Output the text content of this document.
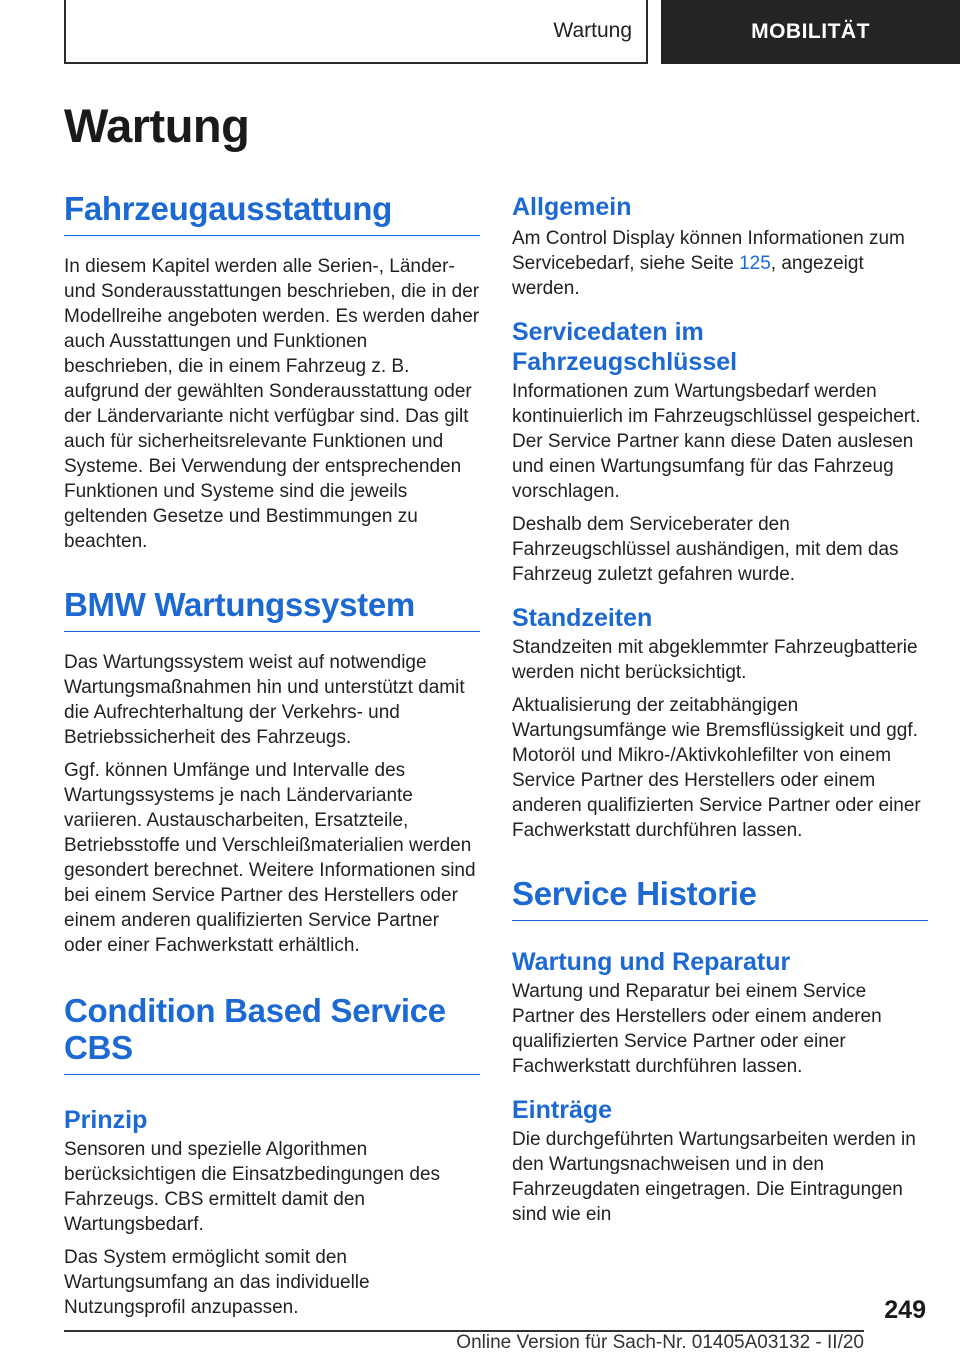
Wartung	MOBILITÄT
Wartung
Fahrzeugausstattung

In diesem Kapitel werden alle Serien-, Länder- und Sonderausstattungen beschrieben, die in der Modellreihe angeboten werden. Es werden daher auch Ausstattungen und Funktionen beschrieben, die in einem Fahrzeug z. B. aufgrund der gewählten Sonderausstattung oder der Ländervariante nicht verfügbar sind. Das gilt auch für sicherheitsrelevante Funktionen und Systeme. Bei Verwendung der entsprechenden Funktionen und Systeme sind die jeweils geltenden Gesetze und Bestimmungen zu beachten.

BMW Wartungssystem

Das Wartungssystem weist auf notwendige Wartungsmaßnahmen hin und unterstützt damit die Aufrechterhaltung der Verkehrs- und Betriebssicherheit des Fahrzeugs.

Ggf. können Umfänge und Intervalle des Wartungssystems je nach Ländervariante variieren. Austauscharbeiten, Ersatzteile, Betriebsstoffe und Verschleißmaterialien werden gesondert berechnet. Weitere Informationen sind bei einem Service Partner des Herstellers oder einem anderen qualifizierten Service Partner oder einer Fachwerkstatt erhältlich.

Condition Based Service CBS
Prinzip

Sensoren und spezielle Algorithmen berücksichtigen die Einsatzbedingungen des Fahrzeugs. CBS ermittelt damit den Wartungsbedarf.

Das System ermöglicht somit den Wartungsumfang an das individuelle Nutzungsprofil anzupassen.

Allgemein

Am Control Display können Informationen zum Servicebedarf, siehe Seite 125, angezeigt werden.

Servicedaten im Fahrzeugschlüssel

Informationen zum Wartungsbedarf werden kontinuierlich im Fahrzeugschlüssel gespeichert. Der Service Partner kann diese Daten auslesen und einen Wartungsumfang für das Fahrzeug vorschlagen.

Deshalb dem Serviceberater den Fahrzeugschlüssel aushändigen, mit dem das Fahrzeug zuletzt gefahren wurde.

Standzeiten

Standzeiten mit abgeklemmter Fahrzeugbatterie werden nicht berücksichtigt.

Aktualisierung der zeitabhängigen Wartungsumfänge wie Bremsflüssigkeit und ggf. Motoröl und Mikro-/Aktivkohlefilter von einem Service Partner des Herstellers oder einem anderen qualifizierten Service Partner oder einer Fachwerkstatt durchführen lassen.

Service Historie
Wartung und Reparatur

Wartung und Reparatur bei einem Service Partner des Herstellers oder einem anderen qualifizierten Service Partner oder einer Fachwerkstatt durchführen lassen.

Einträge

Die durchgeführten Wartungsarbeiten werden in den Wartungsnachweisen und in den Fahrzeugdaten eingetragen. Die Eintragungen sind wie ein

249
Online Version für Sach-Nr. 01405A03132 - II/20
